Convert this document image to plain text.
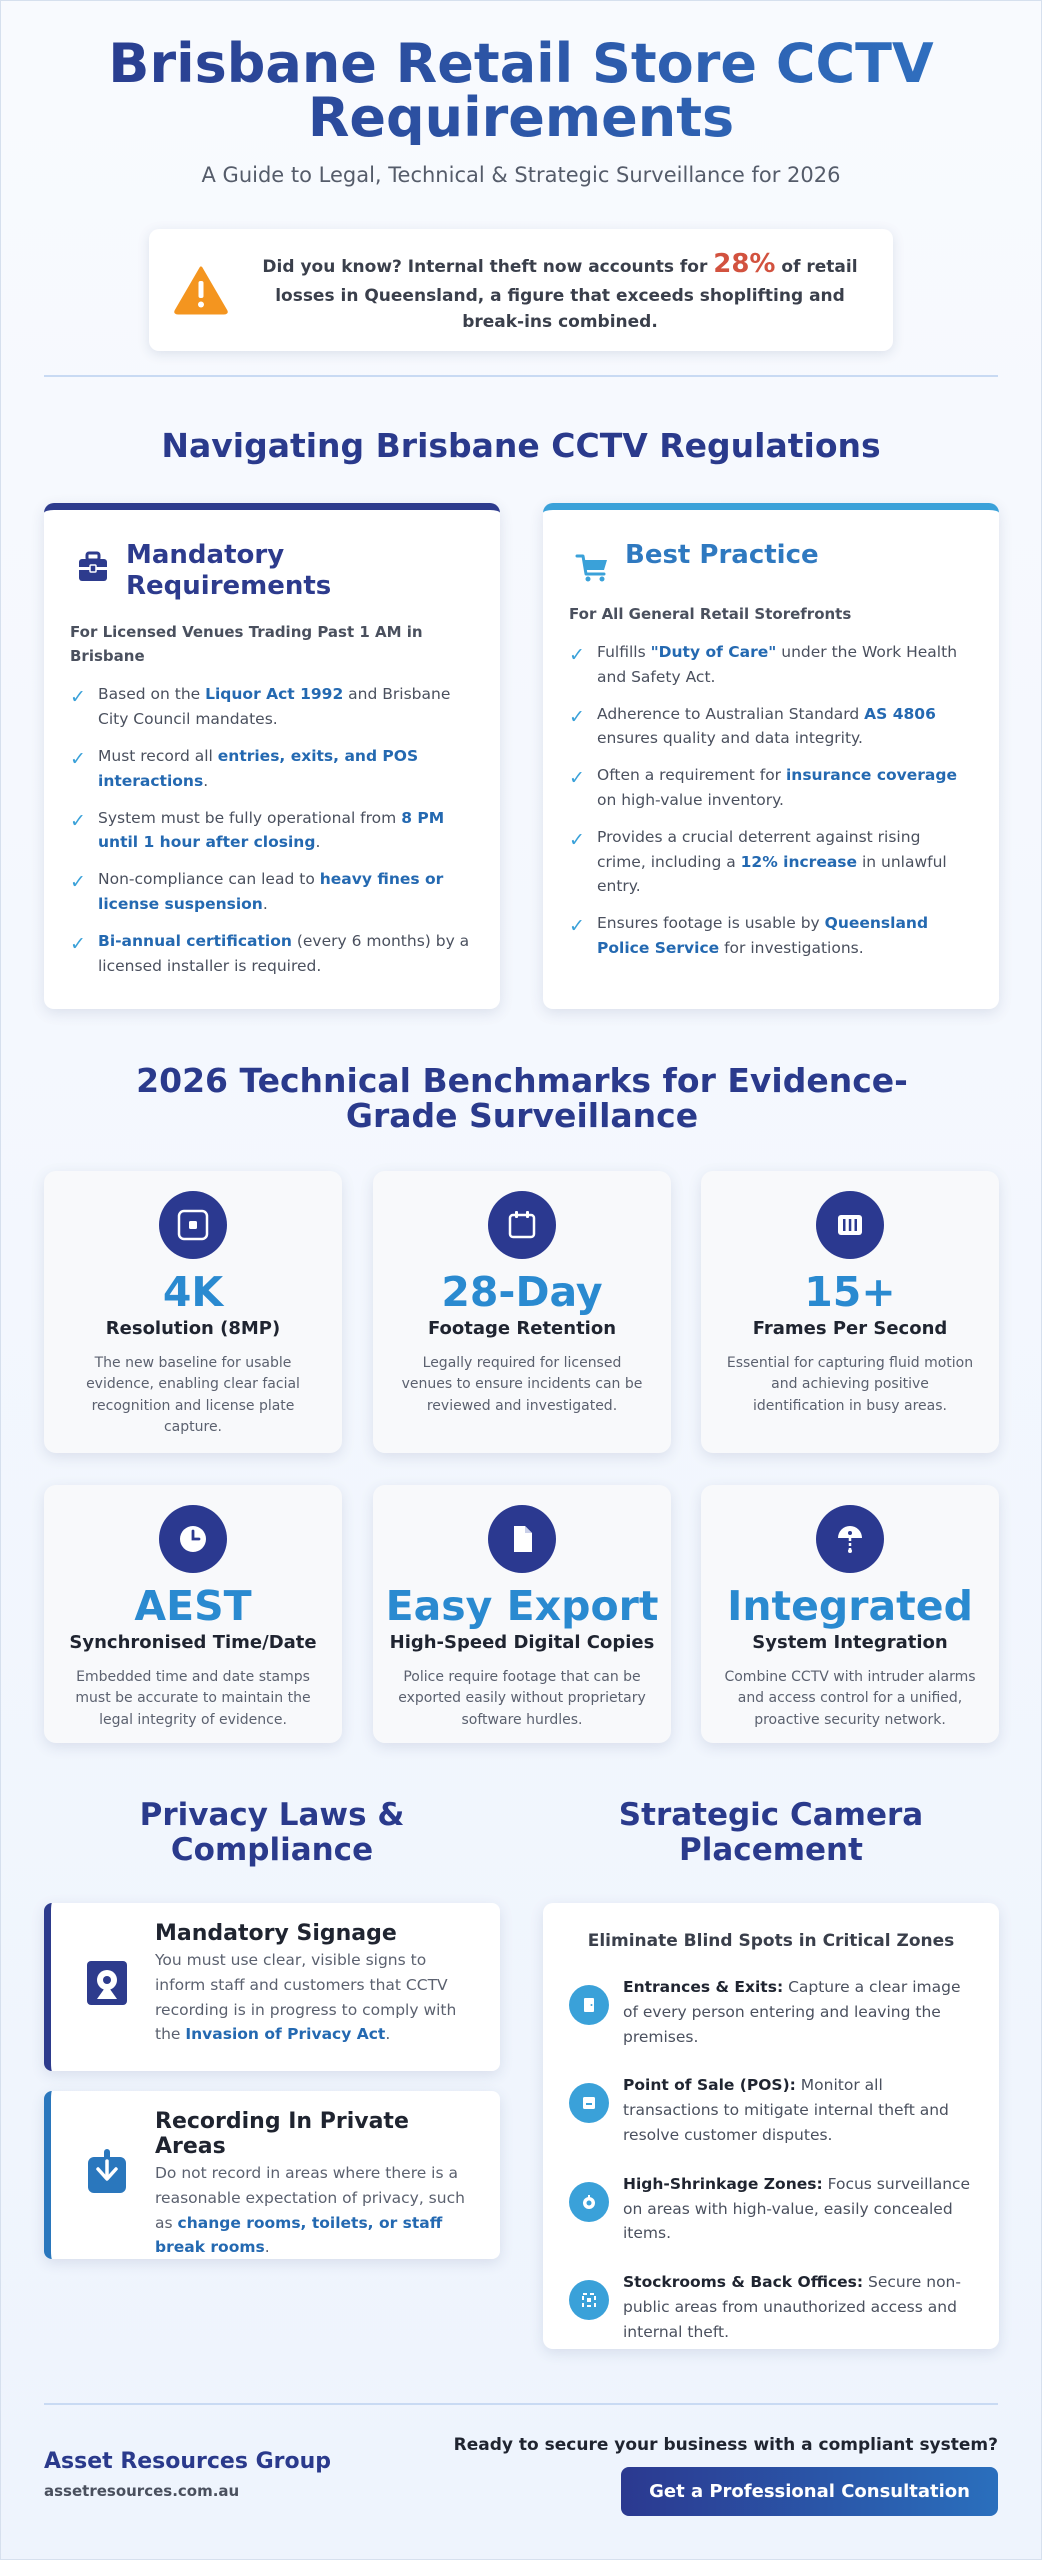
Brisbane Retail Store CCTV Requirements
A Guide to Legal, Technical & Strategic Surveillance for 2026

Did you know? Internal theft now accounts for 28% of retail losses in Queensland, a figure that exceeds shoplifting and break-ins combined.

Navigating Brisbane CCTV Regulations
Mandatory Requirements
For Licensed Venues Trading Past 1 AM in Brisbane
✓ Based on the Liquor Act 1992 and Brisbane City Council mandates.
✓ Must record all entries, exits, and POS interactions.
✓ System must be fully operational from 8 PM until 1 hour after closing.
✓ Non-compliance can lead to heavy fines or license suspension.
✓ Bi-annual certification (every 6 months) by a licensed installer is required.
Best Practice
For All General Retail Storefronts
✓ Fulfills "Duty of Care" under the Work Health and Safety Act.
✓ Adherence to Australian Standard AS 4806 ensures quality and data integrity.
✓ Often a requirement for insurance coverage on high-value inventory.
✓ Provides a crucial deterrent against rising crime, including a 12% increase in unlawful entry.
✓ Ensures footage is usable by Queensland Police Service for investigations.
2026 Technical Benchmarks for Evidence-Grade Surveillance
4K
Resolution (8MP)
The new baseline for usable evidence, enabling clear facial recognition and license plate capture.
28-Day
Footage Retention
Legally required for licensed venues to ensure incidents can be reviewed and investigated.
15+
Frames Per Second
Essential for capturing fluid motion and achieving positive identification in busy areas.
AEST
Synchronised Time/Date
Embedded time and date stamps must be accurate to maintain the legal integrity of evidence.
Easy Export
High-Speed Digital Copies
Police require footage that can be exported easily without proprietary software hurdles.
Integrated
System Integration
Combine CCTV with intruder alarms and access control for a unified, proactive security network.
Privacy Laws & Compliance
Strategic Camera Placement
Mandatory Signage

You must use clear, visible signs to inform staff and customers that CCTV recording is in progress to comply with the Invasion of Privacy Act.

Recording In Private Areas

Do not record in areas where there is a reasonable expectation of privacy, such as change rooms, toilets, or staff break rooms.

Eliminate Blind Spots in Critical Zones

Entrances & Exits: Capture a clear image of every person entering and leaving the premises.

Point of Sale (POS): Monitor all transactions to mitigate internal theft and resolve customer disputes.

High-Shrinkage Zones: Focus surveillance on areas with high-value, easily concealed items.

Stockrooms & Back Offices: Secure non-public areas from unauthorized access and internal theft.

Asset Resources Group
assetresources.com.au
Ready to secure your business with a compliant system?
Get a Professional Consultation
